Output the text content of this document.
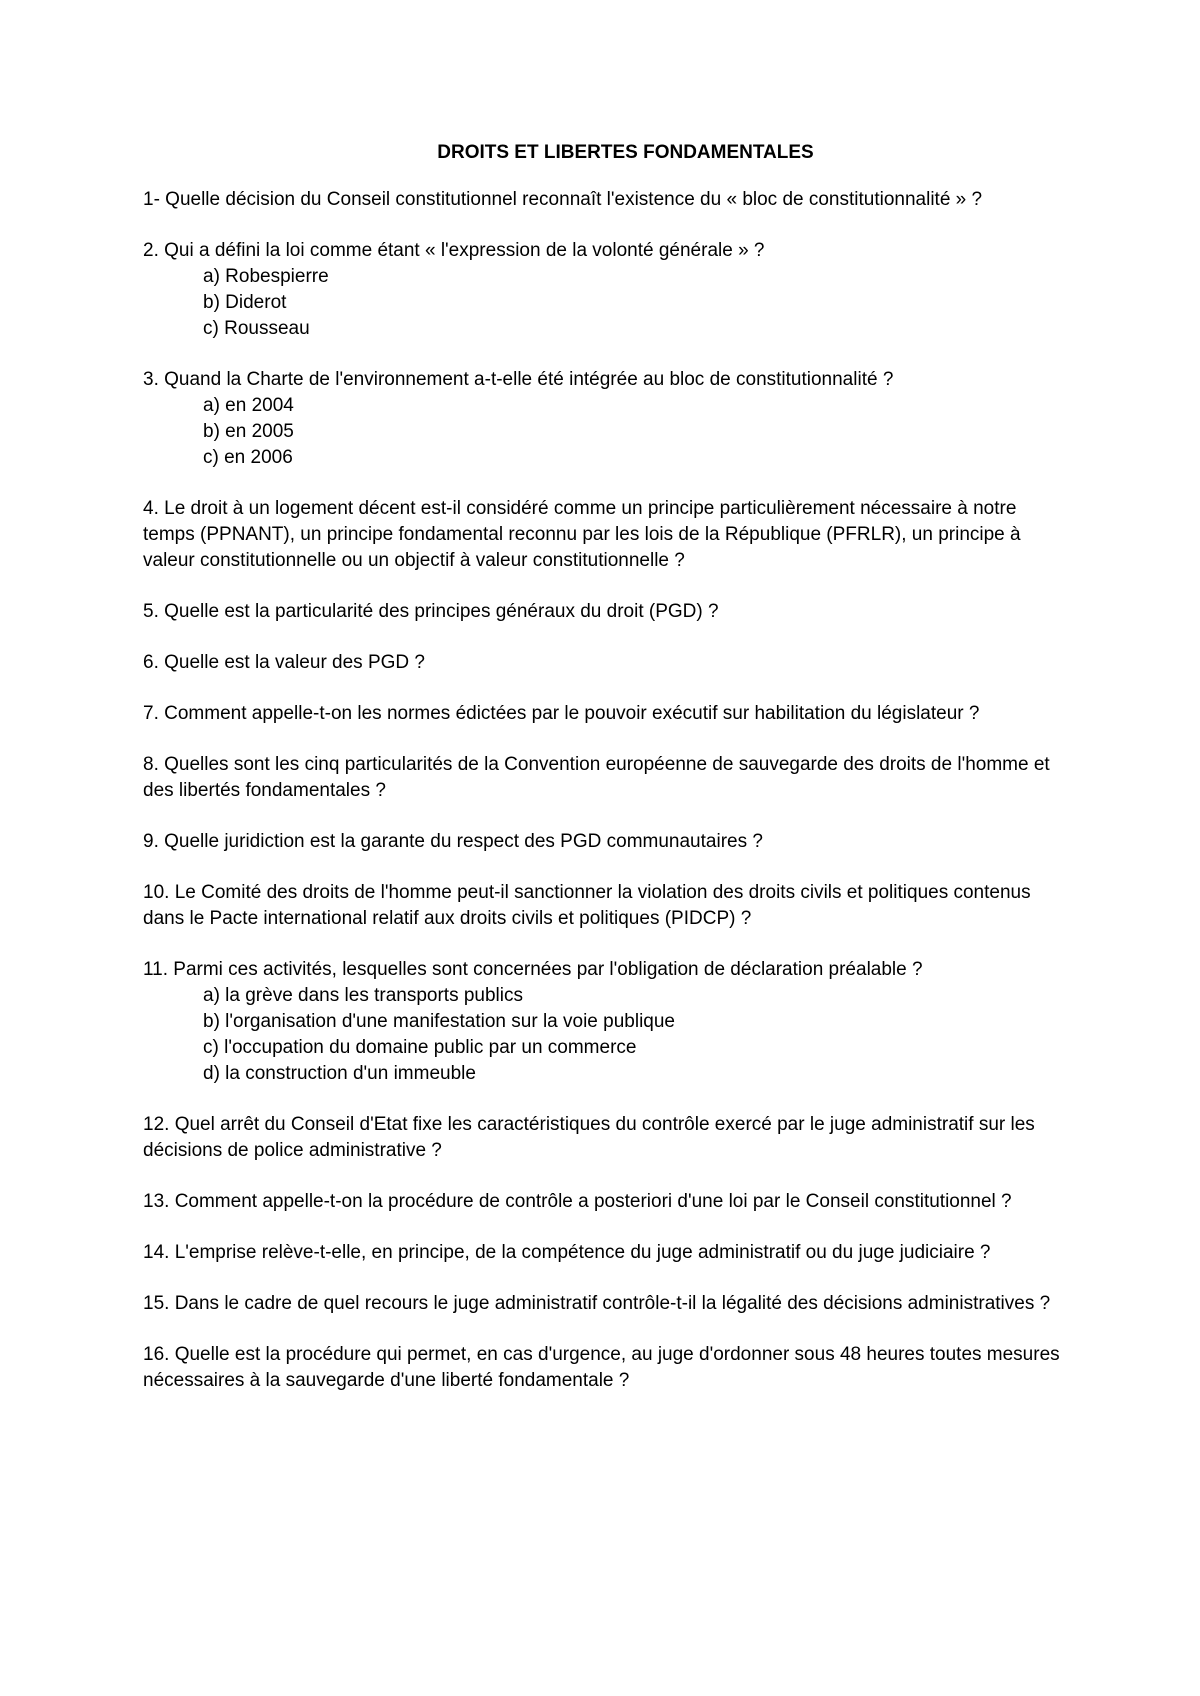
DROITS ET LIBERTES FONDAMENTALES

1- Quelle décision du Conseil constitutionnel reconnaît l'existence du « bloc de constitutionnalité » ?

2. Qui a défini la loi comme étant « l'expression de la volonté générale » ?

a) Robespierre
b) Diderot
c) Rousseau

3. Quand la Charte de l'environnement a-t-elle été intégrée au bloc de constitutionnalité ?

a) en 2004
b) en 2005
c) en 2006

4. Le droit à un logement décent est-il considéré comme un principe particulièrement nécessaire à notre temps (PPNANT), un principe fondamental reconnu par les lois de la République (PFRLR), un principe à valeur constitutionnelle ou un objectif à valeur constitutionnelle ?

5. Quelle est la particularité des principes généraux du droit (PGD) ?

6. Quelle est la valeur des PGD ?

7. Comment appelle-t-on les normes édictées par le pouvoir exécutif sur habilitation du législateur ?

8. Quelles sont les cinq particularités de la Convention européenne de sauvegarde des droits de l'homme et des libertés fondamentales ?

9. Quelle juridiction est la garante du respect des PGD communautaires ?

10. Le Comité des droits de l'homme peut-il sanctionner la violation des droits civils et politiques contenus dans le Pacte international relatif aux droits civils et politiques (PIDCP) ?

11. Parmi ces activités, lesquelles sont concernées par l'obligation de déclaration préalable ?

a) la grève dans les transports publics
b) l'organisation d'une manifestation sur la voie publique
c) l'occupation du domaine public par un commerce
d) la construction d'un immeuble

12. Quel arrêt du Conseil d'Etat fixe les caractéristiques du contrôle exercé par le juge administratif sur les décisions de police administrative ?

13. Comment appelle-t-on la procédure de contrôle a posteriori d'une loi par le Conseil constitutionnel ?

14. L'emprise relève-t-elle, en principe, de la compétence du juge administratif ou du juge judiciaire ?

15. Dans le cadre de quel recours le juge administratif contrôle-t-il la légalité des décisions administratives ?

16. Quelle est la procédure qui permet, en cas d'urgence, au juge d'ordonner sous 48 heures toutes mesures nécessaires à la sauvegarde d'une liberté fondamentale ?
